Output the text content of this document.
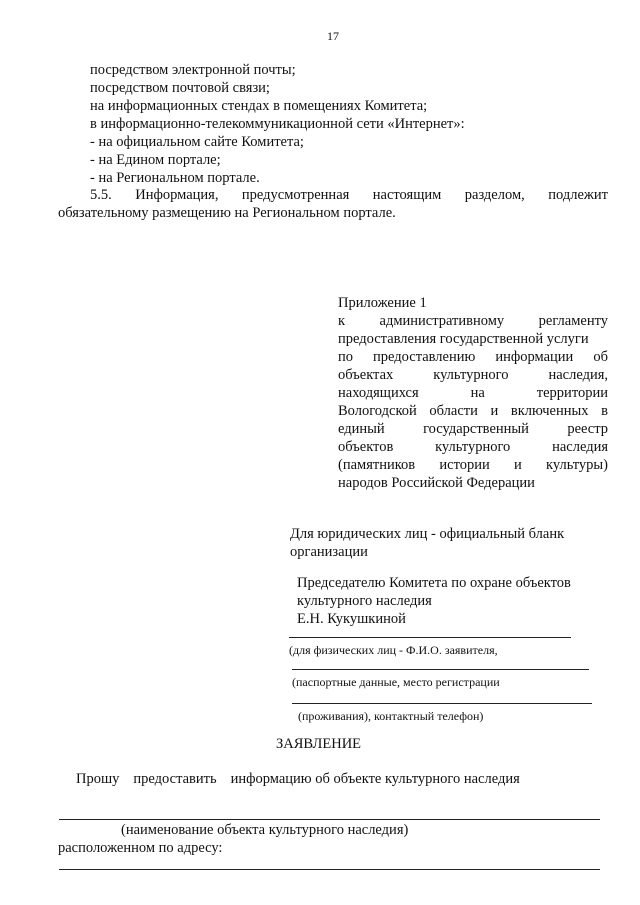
17
посредством электронной почты;
посредством почтовой связи;
на информационных стендах в помещениях Комитета;
в информационно-телекоммуникационной сети «Интернет»:
- на официальном сайте Комитета;
- на Едином портале;
- на Региональном портале.
5.5. Информация, предусмотренная настоящим разделом, подлежит
обязательному размещению на Региональном портале.
Приложение 1
к административному регламенту
предоставления государственной услуги
по предоставлению информации об
объектах	культурного	наследия,
находящихся	на	территории
Вологодской области и включенных в
единый	государственный	реестр
объектов	культурного	наследия
(памятников истории и культуры)
народов Российской Федерации
Для юридических лиц - официальный бланк
организации
Председателю Комитета по охране объектов
культурного наследия
Е.Н. Кукушкиной
(для физических лиц - Ф.И.О. заявителя,
(паспортные данные, место регистрации
(проживания), контактный телефон)
ЗАЯВЛЕНИЕ
Прошу предоставить информацию об объекте культурного наследия
(наименование объекта культурного наследия)
расположенном по адресу:
